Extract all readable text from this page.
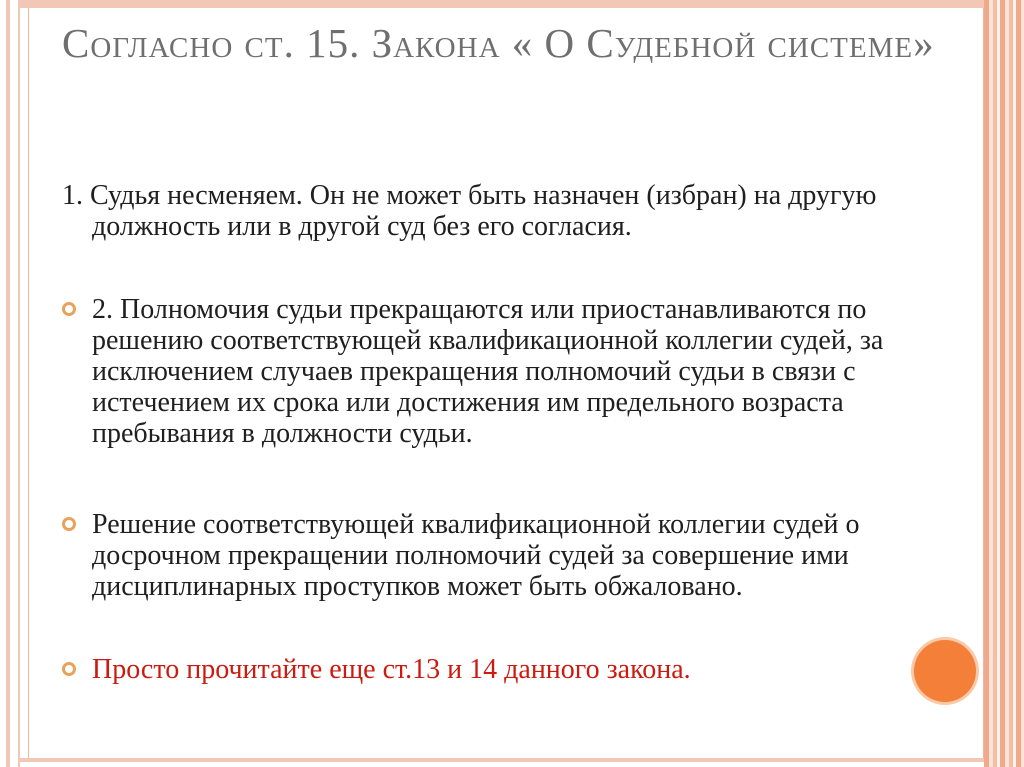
Согласно ст. 15. Закона « О Судебной системе»

1. Судья несменяем. Он не может быть назначен (избран) на другую должность или в другой суд без его согласия.

2. Полномочия судьи прекращаются или приостанавливаются по решению соответствующей квалификационной коллегии судей, за исключением случаев прекращения полномочий судьи в связи с истечением их срока или достижения им предельного возраста пребывания в должности судьи.
Решение соответствующей квалификационной коллегии судей о досрочном прекращении полномочий судей за совершение ими дисциплинарных проступков может быть обжаловано.
Просто прочитайте еще ст.13 и 14 данного закона.
